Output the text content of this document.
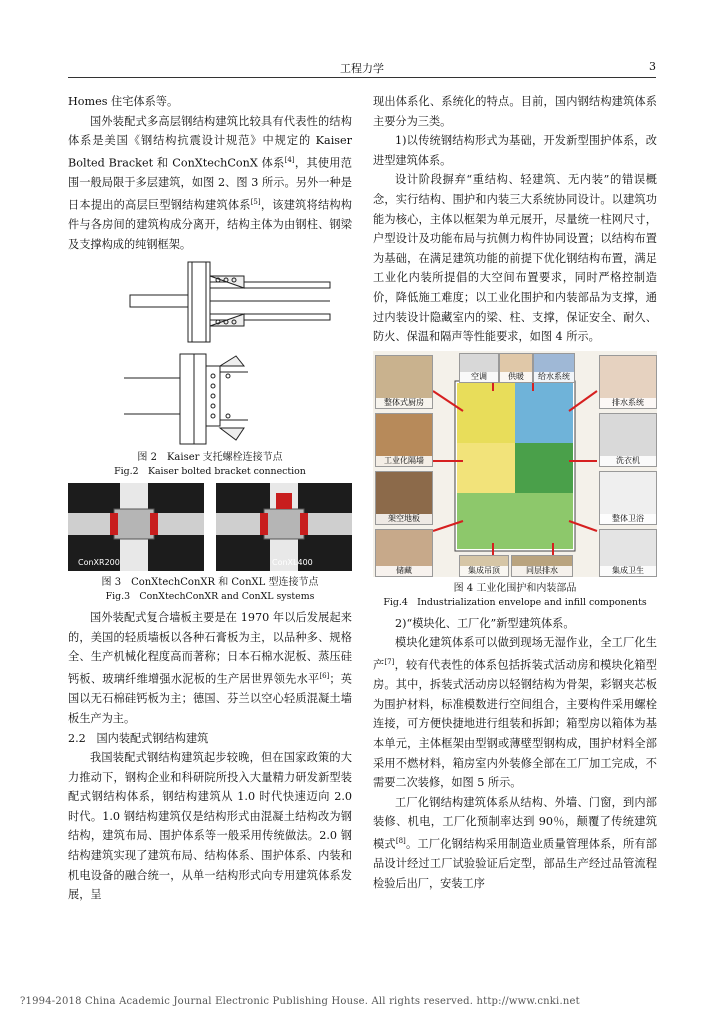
工程力学	3

Homes 住宅体系等。

国外装配式多高层钢结构建筑比较具有代表性的结构体系是美国《钢结构抗震设计规范》中规定的 Kaiser Bolted Bracket 和 ConXtechConX 体系[4]，其使用范围一般局限于多层建筑，如图 2、图 3 所示。另外一种是日本提出的高层巨型钢结构建筑体系[5]，该建筑将结构构件与各房间的建筑构成分离开，结构主体为由钢柱、钢梁及支撑构成的纯钢框架。

图 2　Kaiser 支托螺栓连接节点

Fig.2　Kaiser bolted bracket connection

ConXR200	ConXL400

图 3　ConXtechConXR 和 ConXL 型连接节点

Fig.3　ConXtechConXR and ConXL systems

国外装配式复合墙板主要是在 1970 年以后发展起来的，美国的轻质墙板以各种石膏板为主，以品种多、规格全、生产机械化程度高而著称；日本石棉水泥板、蒸压硅钙板、玻璃纤维增强水泥板的生产居世界领先水平[6]；英国以无石棉硅钙板为主；德国、芬兰以空心轻质混凝土墙板生产为主。

2.2 国内装配式钢结构建筑

我国装配式钢结构建筑起步较晚，但在国家政策的大力推动下，钢构企业和科研院所投入大量精力研发新型装配式钢结构体系，钢结构建筑从 1.0 时代快速迈向 2.0 时代。1.0 钢结构建筑仅是结构形式由混凝土结构改为钢结构，建筑布局、围护体系等一般采用传统做法。2.0 钢结构建筑实现了建筑布局、结构体系、围护体系、内装和机电设备的融合统一，从单一结构形式向专用建筑体系发展，呈

现出体系化、系统化的特点。目前，国内钢结构建筑体系主要分为三类。

1)以传统钢结构形式为基础，开发新型围护体系，改进型建筑体系。

设计阶段摒弃“重结构、轻建筑、无内装”的错误概念，实行结构、围护和内装三大系统协同设计。以建筑功能为核心，主体以框架为单元展开，尽量统一柱网尺寸，户型设计及功能布局与抗侧力构件协同设置；以结构布置为基础，在满足建筑功能的前提下优化钢结构布置，满足工业化内装所提倡的大空间布置要求，同时严格控制造价，降低施工难度；以工业化围护和内装部品为支撑，通过内装设计隐藏室内的梁、柱、支撑，保证安全、耐久、防火、保温和隔声等性能要求，如图 4 所示。

整体式厨房
空调	供暖	给水系统
排水系统
工业化隔墙	洗衣机
架空地板	整体卫浴
储藏	集成吊顶	同层排水	集成卫生

图 4 工业化围护和内装部品

Fig.4　Industrialization envelope and infill components

2)“模块化、工厂化”新型建筑体系。

模块化建筑体系可以做到现场无湿作业，全工厂化生产[7]，较有代表性的体系包括拆装式活动房和模块化箱型房。其中，拆装式活动房以轻钢结构为骨架，彩钢夹芯板为围护材料，标准模数进行空间组合，主要构件采用螺栓连接，可方便快捷地进行组装和拆卸；箱型房以箱体为基本单元，主体框架由型钢或薄壁型钢构成，围护材料全部采用不燃材料，箱房室内外装修全部在工厂加工完成，不需要二次装修，如图 5 所示。

工厂化钢结构建筑体系从结构、外墙、门窗，到内部装修、机电，工厂化预制率达到 90％，颠覆了传统建筑模式[8]。工厂化钢结构采用制造业质量管理体系，所有部品设计经过工厂试验验证后定型，部品生产经过品管流程检验后出厂，安装工序

?1994-2018 China Academic Journal Electronic Publishing House. All rights reserved. http://www.cnki.net
